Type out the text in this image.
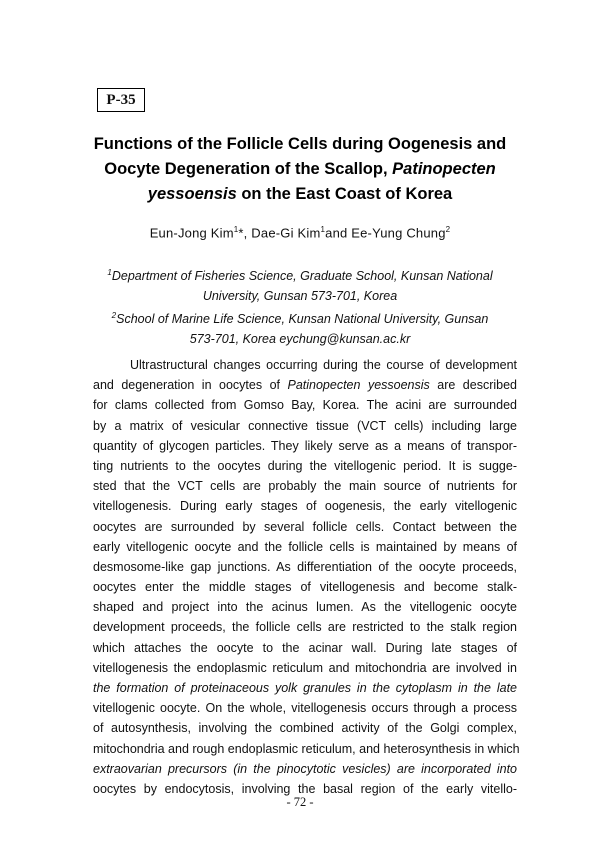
P-35
Functions of the Follicle Cells during Oogenesis and
Oocyte Degeneration of the Scallop, Patinopecten
yessoensis on the East Coast of Korea
Eun-Jong Kim$^1$*, Dae-Gi Kim$^1$and Ee-Yung Chung$^2$
$^1$Department of Fisheries Science, Graduate School, Kunsan National
University, Gunsan 573-701, Korea
$^2$School of Marine Life Science, Kunsan National University, Gunsan
573-701, Korea eychung@kunsan.ac.kr
Ultrastructural changes occurring during the course of development
and degeneration in oocytes of Patinopecten yessoensis are described
for clams collected from Gomso Bay, Korea. The acini are surrounded
by a matrix of vesicular connective tissue (VCT cells) including large
quantity of glycogen particles. They likely serve as a means of transpor-
ting nutrients to the oocytes during the vitellogenic period. It is sugge-
sted that the VCT cells are probably the main source of nutrients for
vitellogenesis. During early stages of oogenesis, the early vitellogenic
oocytes are surrounded by several follicle cells. Contact between the
early vitellogenic oocyte and the follicle cells is maintained by means of
desmosome-like gap junctions. As differentiation of the oocyte proceeds,
oocytes enter the middle stages of vitellogenesis and become stalk-
shaped and project into the acinus lumen. As the vitellogenic oocyte
development proceeds, the follicle cells are restricted to the stalk region
which attaches the oocyte to the acinar wall. During late stages of
vitellogenesis the endoplasmic reticulum and mitochondria are involved in
the formation of proteinaceous yolk granules in the cytoplasm in the late
vitellogenic oocyte. On the whole, vitellogenesis occurs through a process
of autosynthesis, involving the combined activity of the Golgi complex,
mitochondria and rough endoplasmic reticulum, and heterosynthesis in which
extraovarian precursors (in the pinocytotic vesicles) are incorporated into
oocytes by endocytosis, involving the basal region of the early vitello-
- 72 -
